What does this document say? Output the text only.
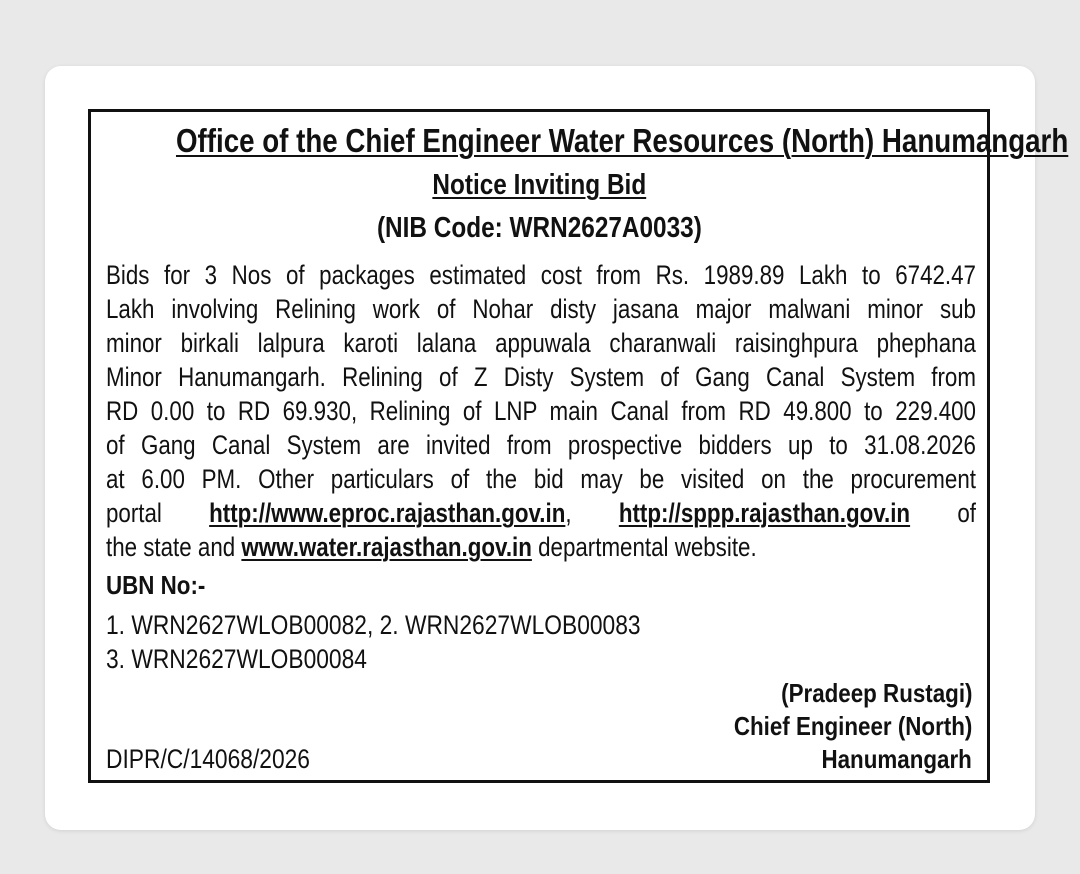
Office of the Chief Engineer Water Resources (North) Hanumangarh
Notice Inviting Bid
(NIB Code: WRN2627A0033)
Bids for 3 Nos of packages estimated cost from Rs. 1989.89 Lakh to 6742.47
Lakh involving Relining work of Nohar disty jasana major malwani minor sub
minor birkali lalpura karoti lalana appuwala charanwali raisinghpura phephana
Minor Hanumangarh. Relining of Z Disty System of Gang Canal System from
RD 0.00 to RD 69.930, Relining of LNP main Canal from RD 49.800 to 229.400
of Gang Canal System are invited from prospective bidders up to 31.08.2026
at 6.00 PM. Other particulars of the bid may be visited on the procurement
portal http://www.eproc.rajasthan.gov.in, http://sppp.rajasthan.gov.in of
the state and www.water.rajasthan.gov.in departmental website.
UBN No:-
1. WRN2627WLOB00082, 2. WRN2627WLOB00083
3. WRN2627WLOB00084
(Pradeep Rustagi)
Chief Engineer (North)
Hanumangarh
DIPR/C/14068/2026
